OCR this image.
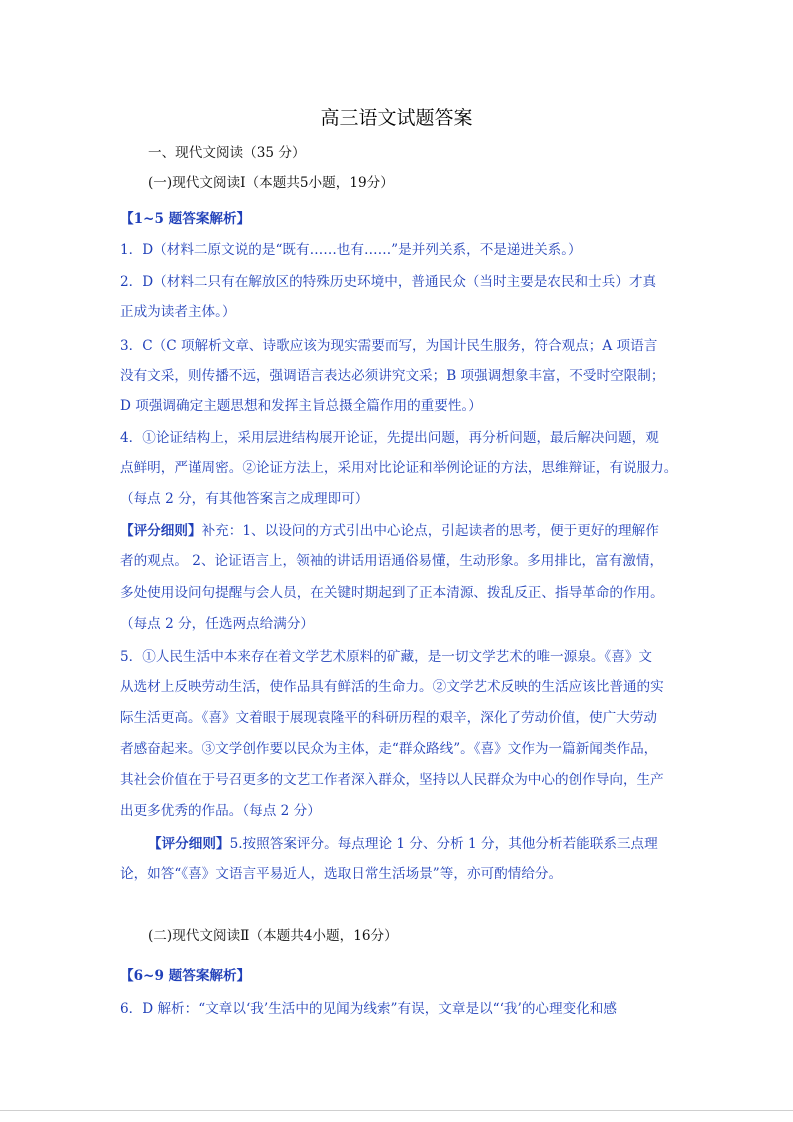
高三语文试题答案
一、现代文阅读（35 分）
(一)现代文阅读Ⅰ（本题共5小题，19分）
【1~5 题答案解析】
1．D（材料二原文说的是“既有……也有……”是并列关系，不是递进关系。）
2．D（材料二只有在解放区的特殊历史环境中，普通民众（当时主要是农民和士兵）才真
正成为读者主体。）
3．C（C 项解析文章、诗歌应该为现实需要而写，为国计民生服务，符合观点；A 项语言
没有文采，则传播不远，强调语言表达必须讲究文采；B 项强调想象丰富，不受时空限制；
D 项强调确定主题思想和发挥主旨总摄全篇作用的重要性。）
4．①论证结构上，采用层进结构展开论证，先提出问题，再分析问题，最后解决问题，观
点鲜明，严谨周密。②论证方法上，采用对比论证和举例论证的方法，思维辩证，有说服力。
（每点 2 分，有其他答案言之成理即可）
【评分细则】补充：1、以设问的方式引出中心论点，引起读者的思考，便于更好的理解作
者的观点。 2、论证语言上，领袖的讲话用语通俗易懂，生动形象。多用排比，富有激情，
多处使用设问句提醒与会人员，在关键时期起到了正本清源、拨乱反正、指导革命的作用。
（每点 2 分，任选两点给满分）
5．①人民生活中本来存在着文学艺术原料的矿藏，是一切文学艺术的唯一源泉。《喜》文
从选材上反映劳动生活，使作品具有鲜活的生命力。②文学艺术反映的生活应该比普通的实
际生活更高。《喜》文着眼于展现袁隆平的科研历程的艰辛，深化了劳动价值，使广大劳动
者感奋起来。③文学创作要以民众为主体，走“群众路线”。《喜》文作为一篇新闻类作品，
其社会价值在于号召更多的文艺工作者深入群众，坚持以人民群众为中心的创作导向，生产
出更多优秀的作品。（每点 2 分）
【评分细则】5.按照答案评分。每点理论 1 分、分析 1 分，其他分析若能联系三点理
论，如答“《喜》文语言平易近人，选取日常生活场景”等，亦可酌情给分。
(二)现代文阅读Ⅱ（本题共4小题，16分）
【6~9 题答案解析】
6．D 解析：“文章以‘我’生活中的见闻为线索”有误，文章是以“‘我’的心理变化和感
